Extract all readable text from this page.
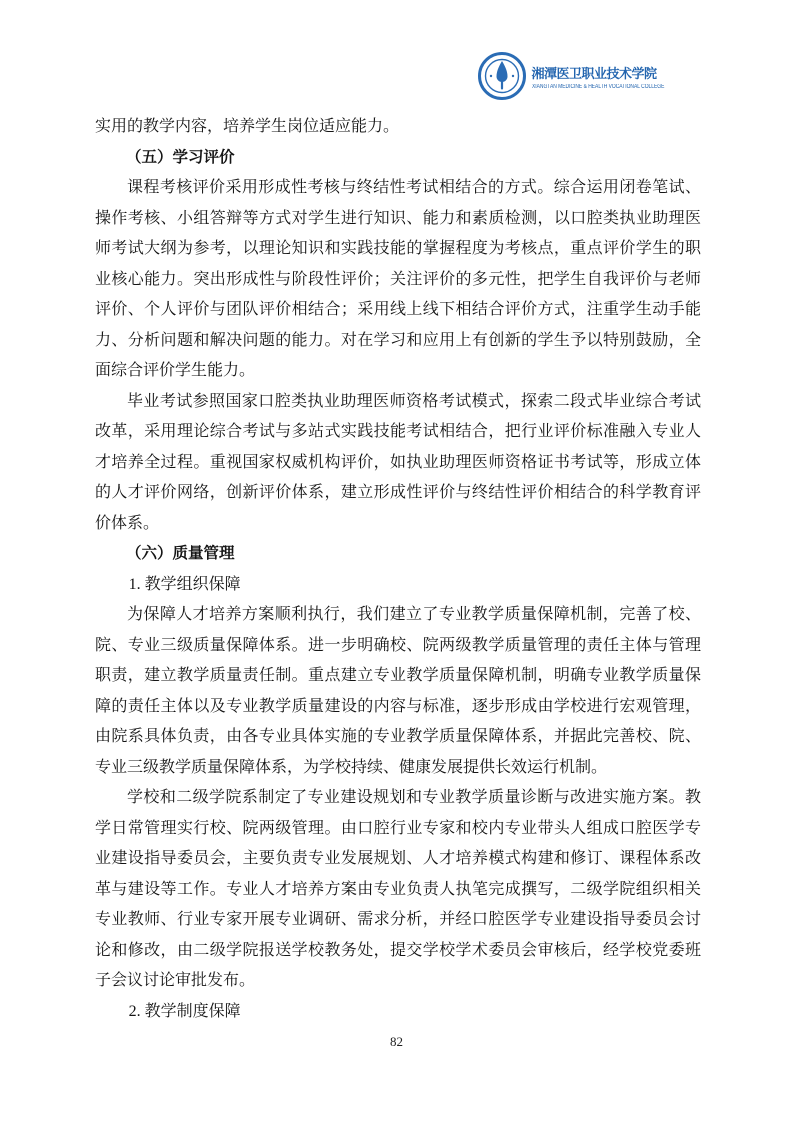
湘潭医卫职业技术学院
XIANGTAN MEDICINE & HEALTH VOCATIONAL COLLEGE

实用的教学内容，培养学生岗位适应能力。

（五）学习评价

课程考核评价采用形成性考核与终结性考试相结合的方式。综合运用闭卷笔试、操作考核、小组答辩等方式对学生进行知识、能力和素质检测，以口腔类执业助理医师考试大纲为参考，以理论知识和实践技能的掌握程度为考核点，重点评价学生的职业核心能力。突出形成性与阶段性评价；关注评价的多元性，把学生自我评价与老师评价、个人评价与团队评价相结合；采用线上线下相结合评价方式，注重学生动手能力、分析问题和解决问题的能力。对在学习和应用上有创新的学生予以特别鼓励，全面综合评价学生能力。

毕业考试参照国家口腔类执业助理医师资格考试模式，探索二段式毕业综合考试改革，采用理论综合考试与多站式实践技能考试相结合，把行业评价标准融入专业人才培养全过程。重视国家权威机构评价，如执业助理医师资格证书考试等，形成立体的人才评价网络，创新评价体系，建立形成性评价与终结性评价相结合的科学教育评价体系。

（六）质量管理

1. 教学组织保障

为保障人才培养方案顺利执行，我们建立了专业教学质量保障机制，完善了校、院、专业三级质量保障体系。进一步明确校、院两级教学质量管理的责任主体与管理职责，建立教学质量责任制。重点建立专业教学质量保障机制，明确专业教学质量保障的责任主体以及专业教学质量建设的内容与标准，逐步形成由学校进行宏观管理，由院系具体负责，由各专业具体实施的专业教学质量保障体系，并据此完善校、院、专业三级教学质量保障体系，为学校持续、健康发展提供长效运行机制。

学校和二级学院系制定了专业建设规划和专业教学质量诊断与改进实施方案。教学日常管理实行校、院两级管理。由口腔行业专家和校内专业带头人组成口腔医学专业建设指导委员会，主要负责专业发展规划、人才培养模式构建和修订、课程体系改革与建设等工作。专业人才培养方案由专业负责人执笔完成撰写，二级学院组织相关专业教师、行业专家开展专业调研、需求分析，并经口腔医学专业建设指导委员会讨论和修改，由二级学院报送学校教务处，提交学校学术委员会审核后，经学校党委班子会议讨论审批发布。

2. 教学制度保障

82
